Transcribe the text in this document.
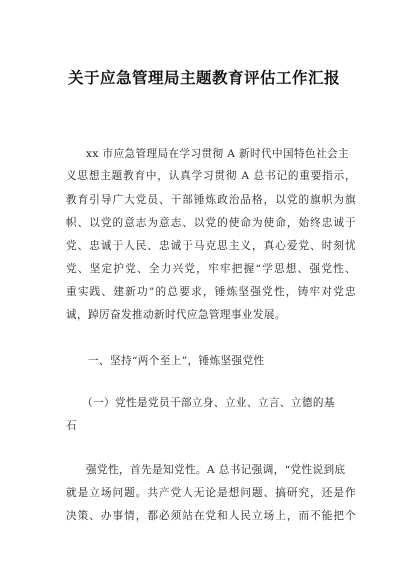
关于应急管理局主题教育评估工作汇报
xx 市应急管理局在学习贯彻 A 新时代中国特色社会主
义思想主题教育中，认真学习贯彻 A 总书记的重要指示，
教育引导广大党员、干部锤炼政治品格，以党的旗帜为旗
帜、以党的意志为意志、以党的使命为使命，始终忠诚于
党、忠诚于人民、忠诚于马克思主义，真心爱党、时刻忧
党、坚定护党、全力兴党，牢牢把握“学思想、强党性、
重实践、建新功”的总要求，锤炼坚强党性，铸牢对党忠
诚，踔厉奋发推动新时代应急管理事业发展。
一、坚持“两个至上”，锤炼坚强党性
（一）党性是党员干部立身、立业、立言、立德的基
石
强党性，首先是知党性。A 总书记强调，“党性说到底
就是立场问题。共产党人无论是想问题、搞研究，还是作
决策、办事情，都必须站在党和人民立场上，而不能把个
